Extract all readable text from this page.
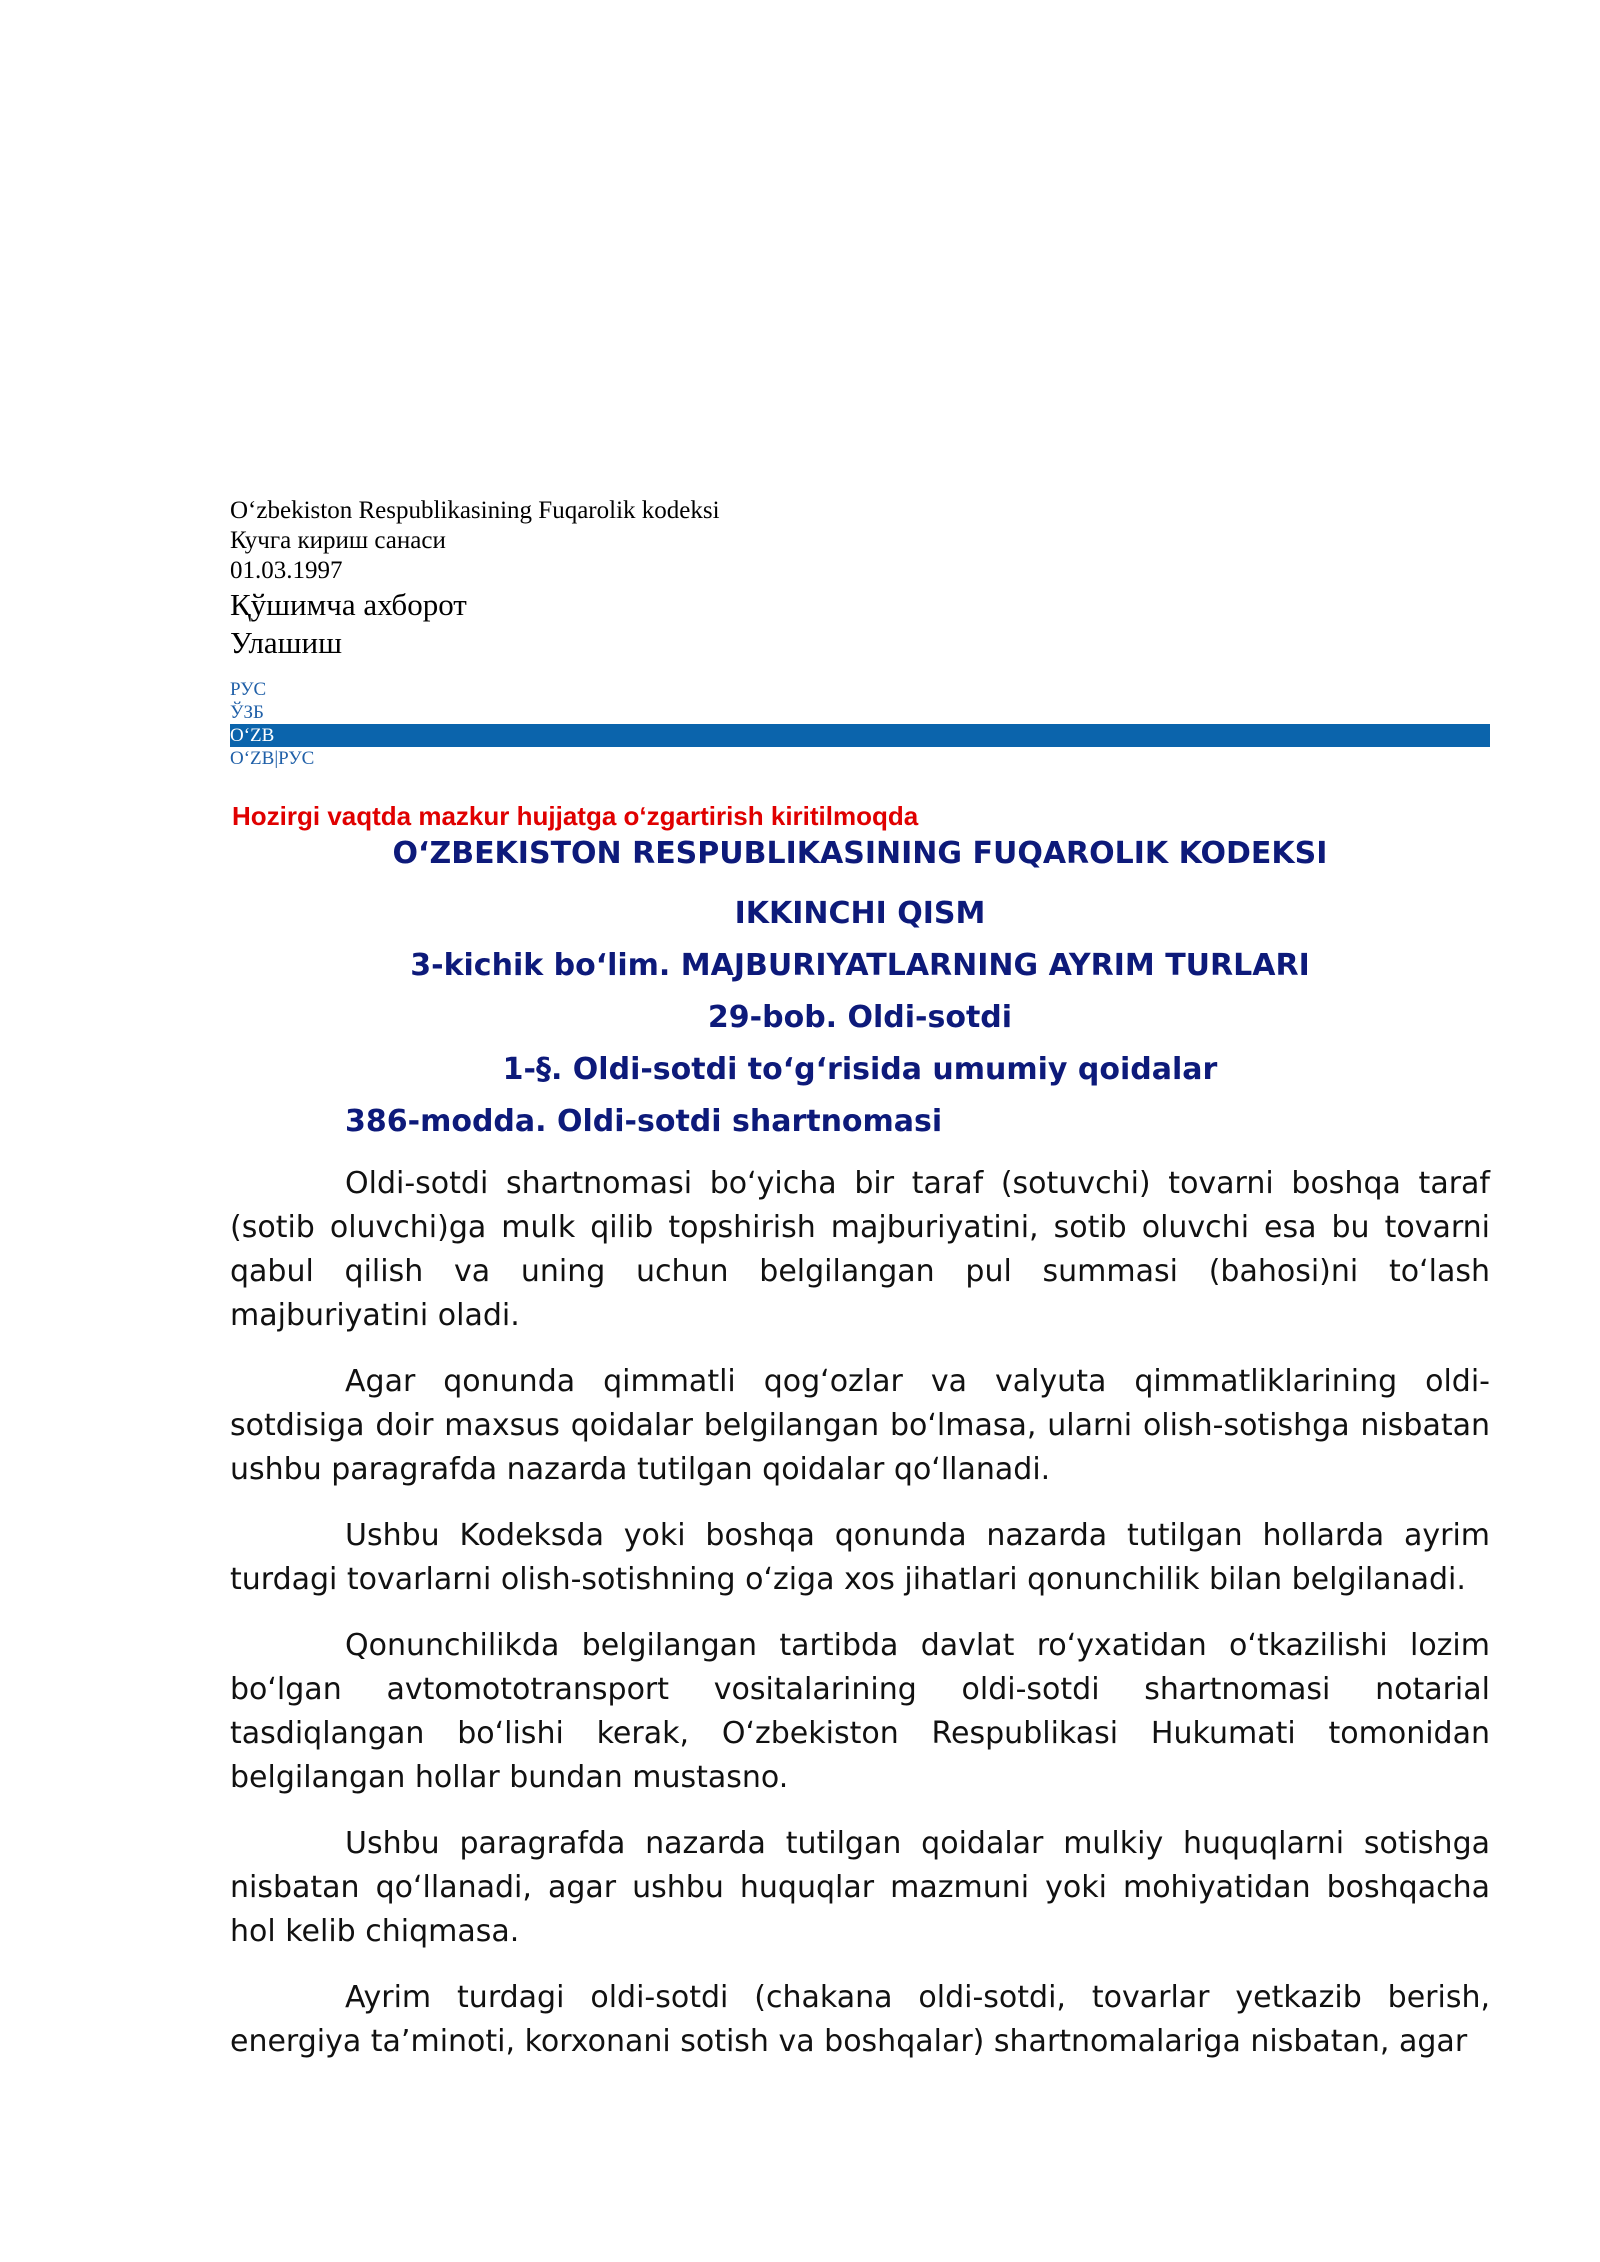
Oʻzbekiston Respublikasining Fuqarolik kodeksi
Кучга кириш санаси
01.03.1997
Қўшимча ахборот
Улашиш
РУС
ЎЗБ
OʻZB
OʻZB|РУС
Hozirgi vaqtda mazkur hujjatga oʻzgartirish kiritilmoqda
OʻZBEKISTON RESPUBLIKASINING FUQAROLIK KODEKSI
IKKINCHI QISM
3-kichik boʻlim. MAJBURIYATLARNING AYRIM TURLARI
29-bob. Oldi-sotdi
1-§. Oldi-sotdi toʻgʻrisida umumiy qoidalar
386-modda. Oldi-sotdi shartnomasi

Oldi-sotdi shartnomasi boʻyicha bir taraf (sotuvchi) tovarni boshqa taraf (sotib oluvchi)ga mulk qilib topshirish majburiyatini, sotib oluvchi esa bu tovarni qabul qilish va uning uchun belgilangan pul summasi (bahosi)ni toʻlash majburiyatini oladi.

Agar qonunda qimmatli qogʻozlar va valyuta qimmatliklarining oldi-sotdisiga doir maxsus qoidalar belgilangan boʻlmasa, ularni olish-sotishga nisbatan ushbu paragrafda nazarda tutilgan qoidalar qoʻllanadi.

Ushbu Kodeksda yoki boshqa qonunda nazarda tutilgan hollarda ayrim turdagi tovarlarni olish-sotishning oʻziga xos jihatlari qonunchilik bilan belgilanadi.

Qonunchilikda belgilangan tartibda davlat roʻyxatidan oʻtkazilishi lozim boʻlgan avtomototransport vositalarining oldi-sotdi shartnomasi notarial tasdiqlangan boʻlishi kerak, Oʻzbekiston Respublikasi Hukumati tomonidan belgilangan hollar bundan mustasno.

Ushbu paragrafda nazarda tutilgan qoidalar mulkiy huquqlarni sotishga nisbatan qoʻllanadi, agar ushbu huquqlar mazmuni yoki mohiyatidan boshqacha hol kelib chiqmasa.

Ayrim turdagi oldi-sotdi (chakana oldi-sotdi, tovarlar yetkazib berish, energiya taʼminoti, korxonani sotish va boshqalar) shartnomalariga nisbatan, agar
